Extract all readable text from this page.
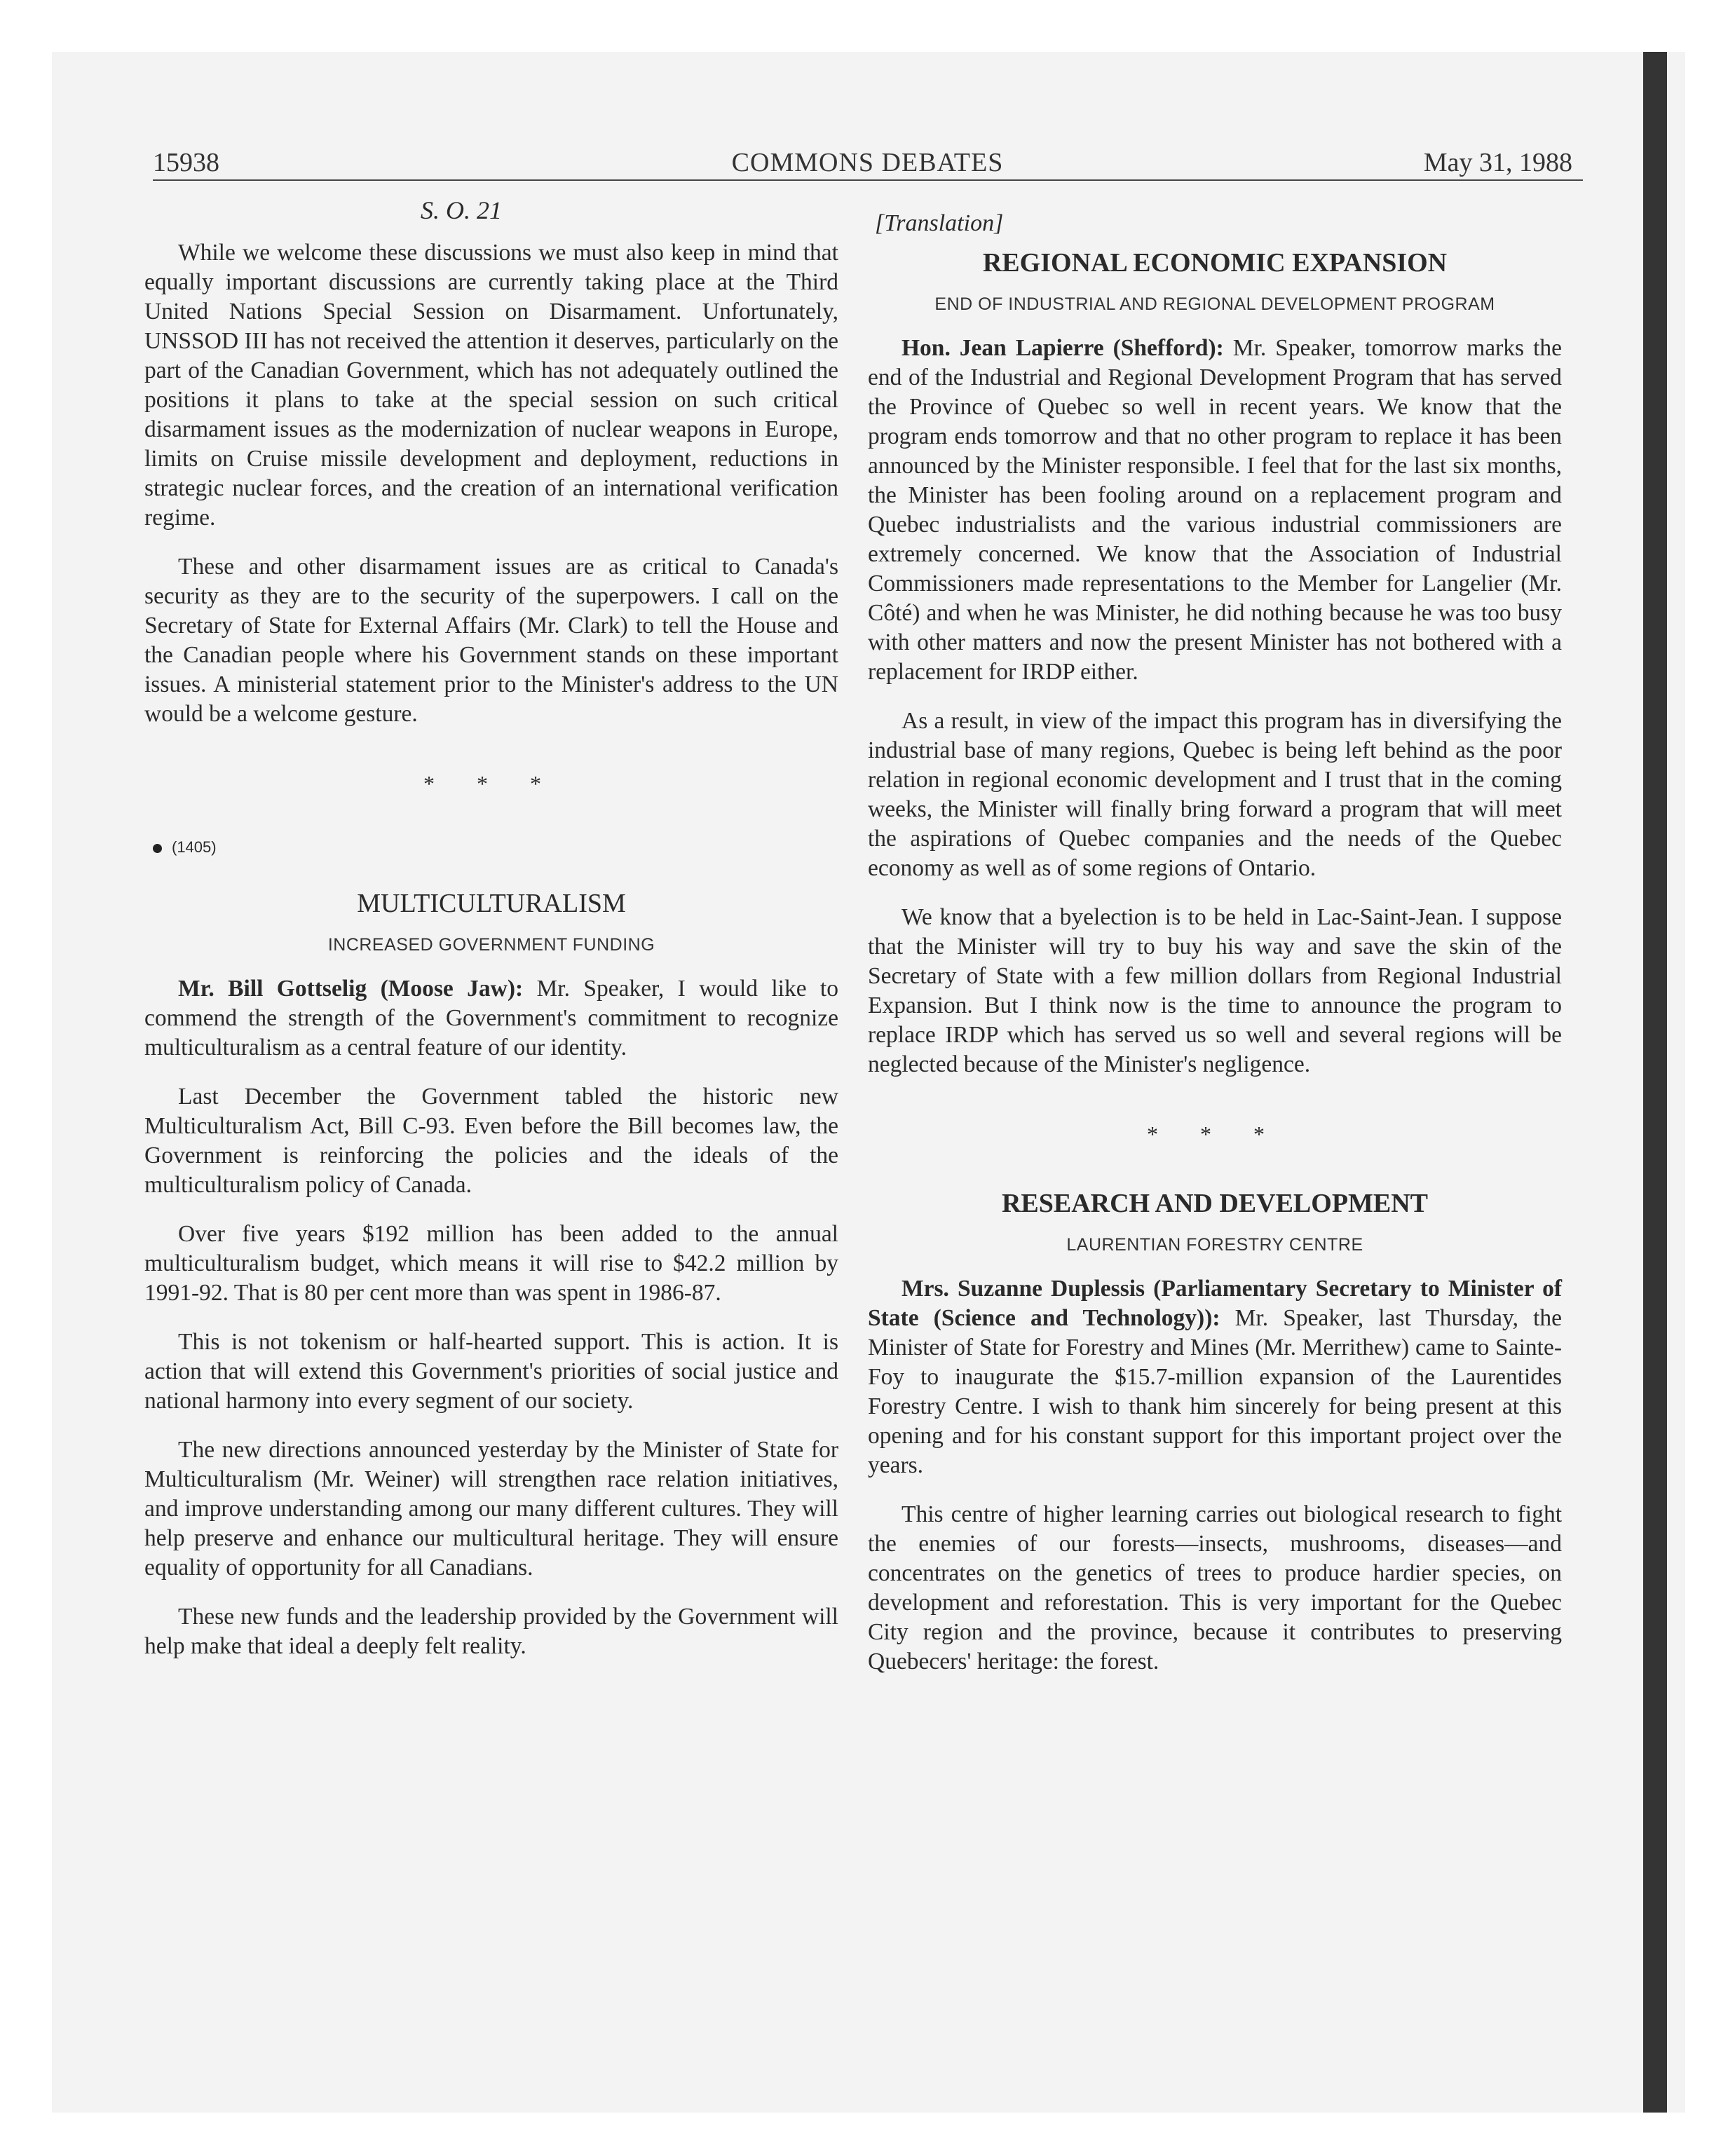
15938	COMMONS DEBATES	May 31, 1988
S. O. 21

While we welcome these discussions we must also keep in mind that equally important discussions are currently taking place at the Third United Nations Special Session on Disarmament. Unfortunately, UNSSOD III has not received the attention it deserves, particularly on the part of the Canadian Government, which has not adequately outlined the positions it plans to take at the special session on such critical disarmament issues as the modernization of nuclear weapons in Europe, limits on Cruise missile development and deployment, reductions in strategic nuclear forces, and the creation of an international verification regime.

These and other disarmament issues are as critical to Canada's security as they are to the security of the superpowers. I call on the Secretary of State for External Affairs (Mr. Clark) to tell the House and the Canadian people where his Government stands on these important issues. A ministerial statement prior to the Minister's address to the UN would be a welcome gesture.

* * *
(1405)
MULTICULTURALISM
INCREASED GOVERNMENT FUNDING

Mr. Bill Gottselig (Moose Jaw): Mr. Speaker, I would like to commend the strength of the Government's commitment to recognize multiculturalism as a central feature of our identity.

Last December the Government tabled the historic new Multiculturalism Act, Bill C-93. Even before the Bill becomes law, the Government is reinforcing the policies and the ideals of the multiculturalism policy of Canada.

Over five years $192 million has been added to the annual multiculturalism budget, which means it will rise to $42.2 million by 1991-92. That is 80 per cent more than was spent in 1986-87.

This is not tokenism or half-hearted support. This is action. It is action that will extend this Government's priorities of social justice and national harmony into every segment of our society.

The new directions announced yesterday by the Minister of State for Multiculturalism (Mr. Weiner) will strengthen race relation initiatives, and improve understanding among our many different cultures. They will help preserve and enhance our multicultural heritage. They will ensure equality of opportunity for all Canadians.

These new funds and the leadership provided by the Government will help make that ideal a deeply felt reality.

[Translation]
REGIONAL ECONOMIC EXPANSION
END OF INDUSTRIAL AND REGIONAL DEVELOPMENT PROGRAM

Hon. Jean Lapierre (Shefford): Mr. Speaker, tomorrow marks the end of the Industrial and Regional Development Program that has served the Province of Quebec so well in recent years. We know that the program ends tomorrow and that no other program to replace it has been announced by the Minister responsible. I feel that for the last six months, the Minister has been fooling around on a replacement program and Quebec industrialists and the various industrial commissioners are extremely concerned. We know that the Association of Industrial Commissioners made representations to the Member for Langelier (Mr. Côté) and when he was Minister, he did nothing because he was too busy with other matters and now the present Minister has not bothered with a replacement for IRDP either.

As a result, in view of the impact this program has in diversifying the industrial base of many regions, Quebec is being left behind as the poor relation in regional economic development and I trust that in the coming weeks, the Minister will finally bring forward a program that will meet the aspirations of Quebec companies and the needs of the Quebec economy as well as of some regions of Ontario.

We know that a byelection is to be held in Lac-Saint-Jean. I suppose that the Minister will try to buy his way and save the skin of the Secretary of State with a few million dollars from Regional Industrial Expansion. But I think now is the time to announce the program to replace IRDP which has served us so well and several regions will be neglected because of the Minister's negligence.

* * *
RESEARCH AND DEVELOPMENT
LAURENTIAN FORESTRY CENTRE

Mrs. Suzanne Duplessis (Parliamentary Secretary to Minister of State (Science and Technology)): Mr. Speaker, last Thursday, the Minister of State for Forestry and Mines (Mr. Merrithew) came to Sainte-Foy to inaugurate the $15.7-million expansion of the Laurentides Forestry Centre. I wish to thank him sincerely for being present at this opening and for his constant support for this important project over the years.

This centre of higher learning carries out biological research to fight the enemies of our forests—insects, mushrooms, diseases—and concentrates on the genetics of trees to produce hardier species, on development and reforestation. This is very important for the Quebec City region and the province, because it contributes to preserving Quebecers' heritage: the forest.
